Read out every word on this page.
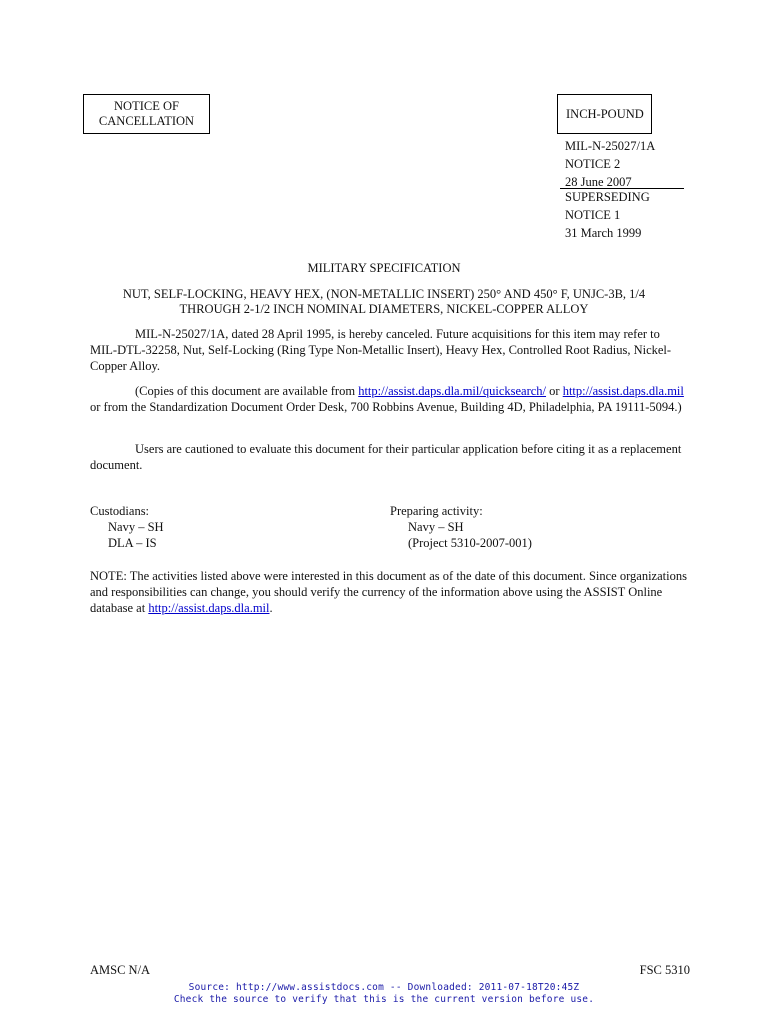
NOTICE OF
CANCELLATION	INCH-POUND
MIL-N-25027/1A
NOTICE 2
28 June 2007
SUPERSEDING
NOTICE 1
31 March 1999
MILITARY SPECIFICATION
NUT, SELF-LOCKING, HEAVY HEX, (NON-METALLIC INSERT) 250° AND 450° F, UNJC-3B, 1/4
THROUGH 2-1/2 INCH NOMINAL DIAMETERS, NICKEL-COPPER ALLOY
MIL-N-25027/1A, dated 28 April 1995, is hereby canceled. Future acquisitions for this item may refer to MIL-DTL-32258, Nut, Self-Locking (Ring Type Non-Metallic Insert), Heavy Hex, Controlled Root Radius, Nickel-Copper Alloy.
(Copies of this document are available from http://assist.daps.dla.mil/quicksearch/ or http://assist.daps.dla.mil or from the Standardization Document Order Desk, 700 Robbins Avenue, Building 4D, Philadelphia, PA 19111-5094.)
Users are cautioned to evaluate this document for their particular application before citing it as a replacement document.
Custodians:
Navy – SH
DLA – IS
Preparing activity:
Navy – SH
(Project 5310-2007-001)
NOTE: The activities listed above were interested in this document as of the date of this document. Since organizations and responsibilities can change, you should verify the currency of the information above using the ASSIST Online database at http://assist.daps.dla.mil.
AMSC N/A	FSC 5310
Source: http://www.assistdocs.com -- Downloaded: 2011-07-18T20:45Z
Check the source to verify that this is the current version before use.
